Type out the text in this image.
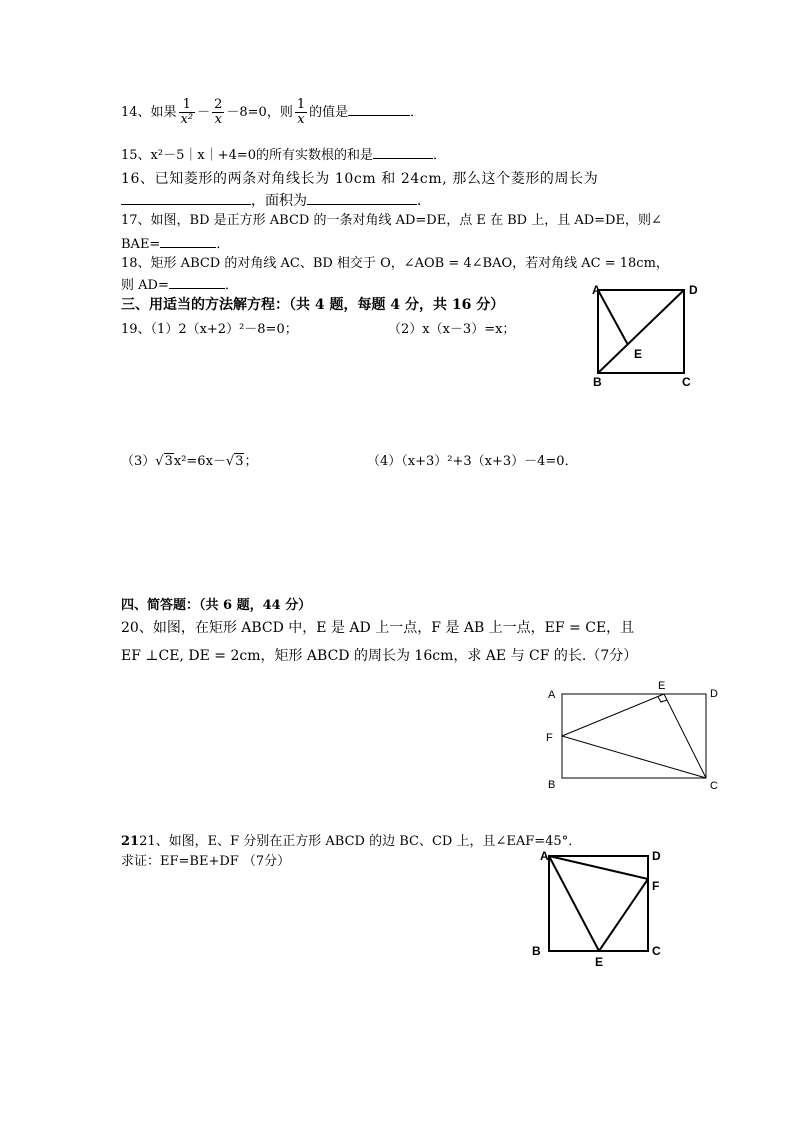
14、如果 $\frac{1}{\text{x²}} - \frac{2}{x} -8=0$，则 $\frac{1}{x}$ 的值是	．
15、x²－5｜x｜+4=0的所有实数根的和是	．
16、已知菱形的两条对角线长为 10cm 和 24cm, 那么这个菱形的周长为
，面积为	．
17、如图，BD 是正方形 ABCD 的一条对角线 AD=DE，点 E 在 BD 上，且 AD=DE，则∠
BAE=	．
18、矩形 ABCD 的对角线 AC、BD 相交于 O，∠AOB = 4∠BAO，若对角线 AC = 18cm，
则 AD=	．
三、用适当的方法解方程：（共 4 题，每题 4 分，共 16 分）
19、（1）2（x+2）²－8=0；	（2）x（x－3）=x；
（3）√3x²=6x－√3；	（4）（x+3）²+3（x+3）－4=0．
A	D
E
B	C
四、简答题：（共 6 题，44 分）
20、如图，在矩形 ABCD 中，E 是 AD 上一点，F 是 AB 上一点，EF = CE，且
EF ⊥CE, DE = 2cm，矩形 ABCD 的周长为 16cm，求 AE 与 CF 的长.（7分）
A
E
D
F
B	C
2121、如图，E、F 分别在正方形 ABCD 的边 BC、CD 上，且∠EAF=45°．
求证：EF=BE+DF （7分）	A	D
F
B
E
C
